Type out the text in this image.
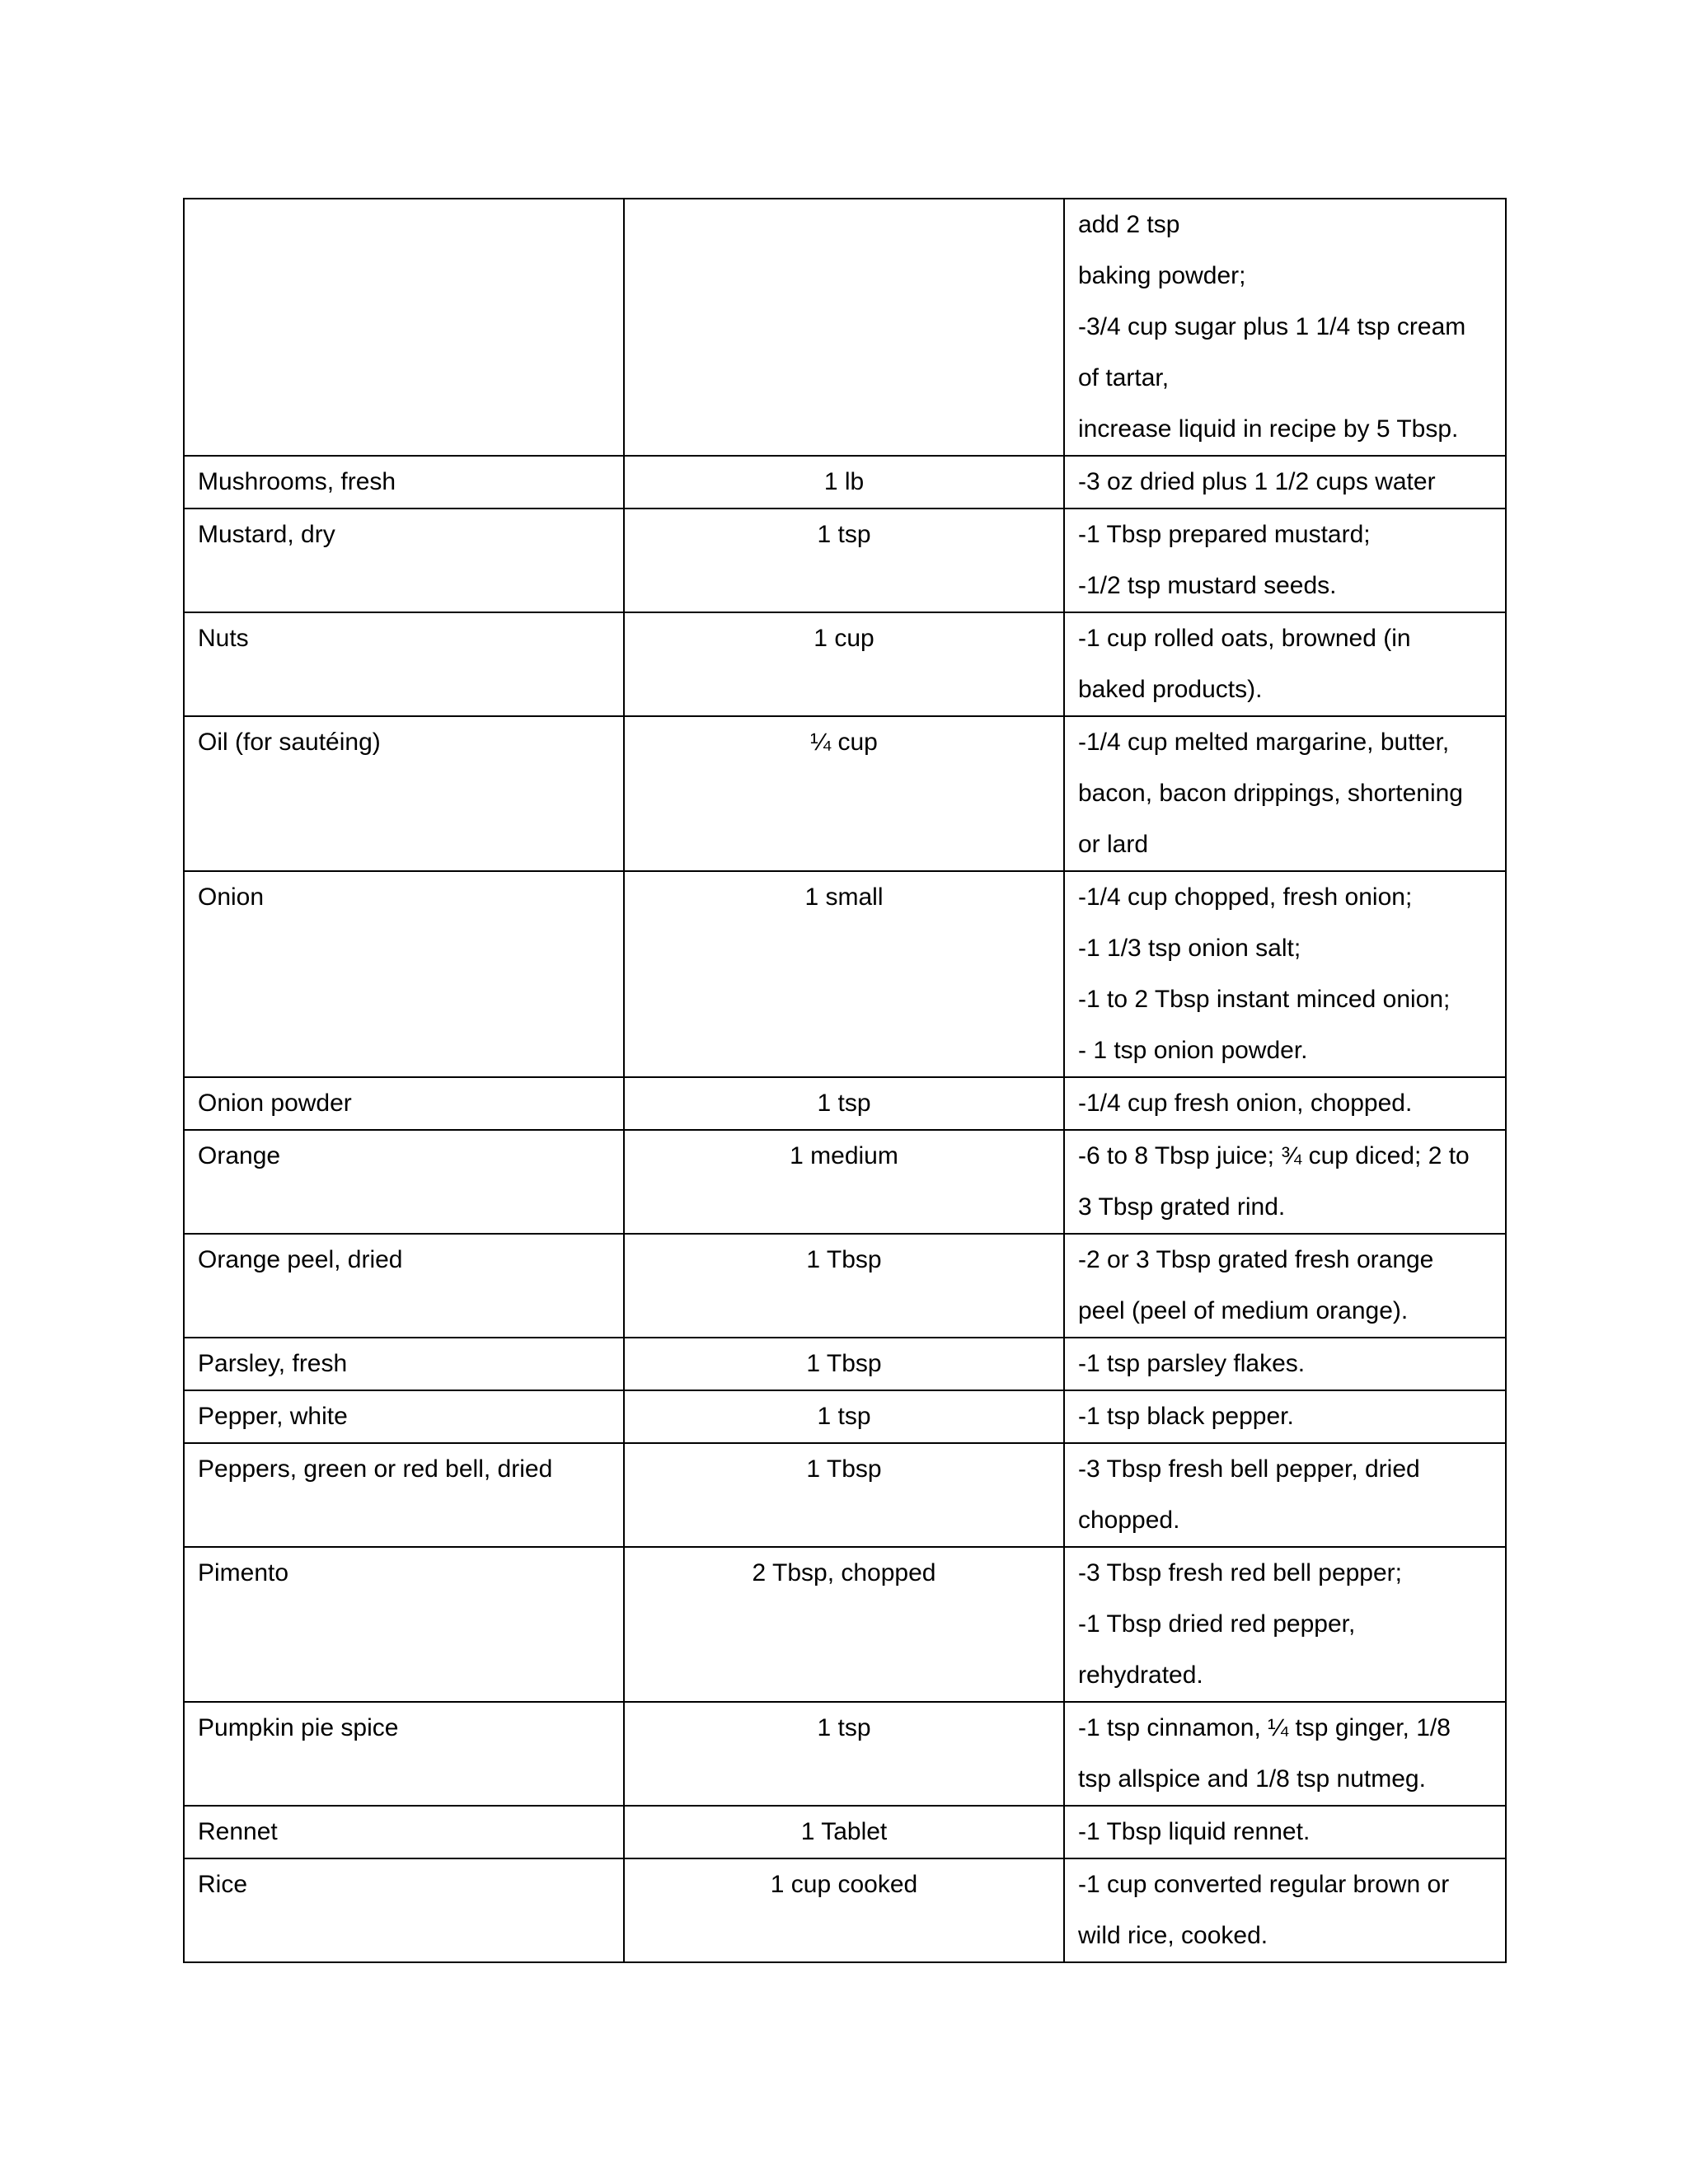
		add 2 tsp
baking powder;
-3/4 cup sugar plus 1 1/4 tsp cream
of tartar,
increase liquid in recipe by 5 Tbsp.

Mushrooms, fresh	1 lb	-3 oz dried plus 1 1/2 cups water

Mustard, dry	1 tsp	-1 Tbsp prepared mustard;
-1/2 tsp mustard seeds.

Nuts	1 cup	-1 cup rolled oats, browned (in
baked products).

Oil (for sautéing)	¼ cup	-1/4 cup melted margarine, butter,
bacon, bacon drippings, shortening
or lard

Onion	1 small	-1/4 cup chopped, fresh onion;
-1 1/3 tsp onion salt;
-1 to 2 Tbsp instant minced onion;
- 1 tsp onion powder.

Onion powder	1 tsp	-1/4 cup fresh onion, chopped.

Orange	1 medium	-6 to 8 Tbsp juice; ¾ cup diced; 2 to
3 Tbsp grated rind.

Orange peel, dried	1 Tbsp	-2 or 3 Tbsp grated fresh orange
peel (peel of medium orange).

Parsley, fresh	1 Tbsp	-1 tsp parsley flakes.

Pepper, white	1 tsp	-1 tsp black pepper.

Peppers, green or red bell, dried	1 Tbsp	-3 Tbsp fresh bell pepper, dried
chopped.

Pimento	2 Tbsp, chopped	-3 Tbsp fresh red bell pepper;
-1 Tbsp dried red pepper,
rehydrated.

Pumpkin pie spice	1 tsp	-1 tsp cinnamon, ¼ tsp ginger, 1/8
tsp allspice and 1/8 tsp nutmeg.

Rennet	1 Tablet	-1 Tbsp liquid rennet.

Rice	1 cup cooked	-1 cup converted regular brown or
wild rice, cooked.
